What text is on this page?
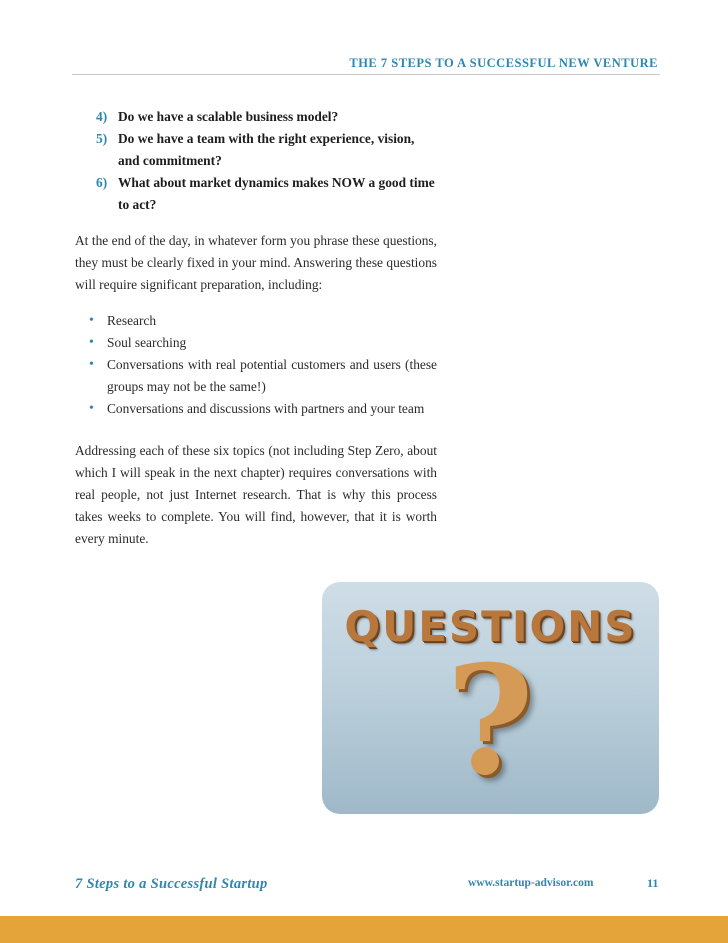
THE 7 STEPS TO A SUCCESSFUL NEW VENTURE
4) Do we have a scalable business model?
5) Do we have a team with the right experience, vision, and commitment?
6) What about market dynamics makes NOW a good time to act?

At the end of the day, in whatever form you phrase these questions, they must be clearly fixed in your mind. Answering these questions will require significant preparation, including:

• Research
• Soul searching
• Conversations with real potential customers and users (these groups may not be the same!)
• Conversations and discussions with partners and your team

Addressing each of these six topics (not including Step Zero, about which I will speak in the next chapter) requires conversations with real people, not just Internet research. That is why this process takes weeks to complete. You will find, however, that it is worth every minute.

QUESTIONS
?
7 Steps to a Successful Startup	www.startup-advisor.com	11
